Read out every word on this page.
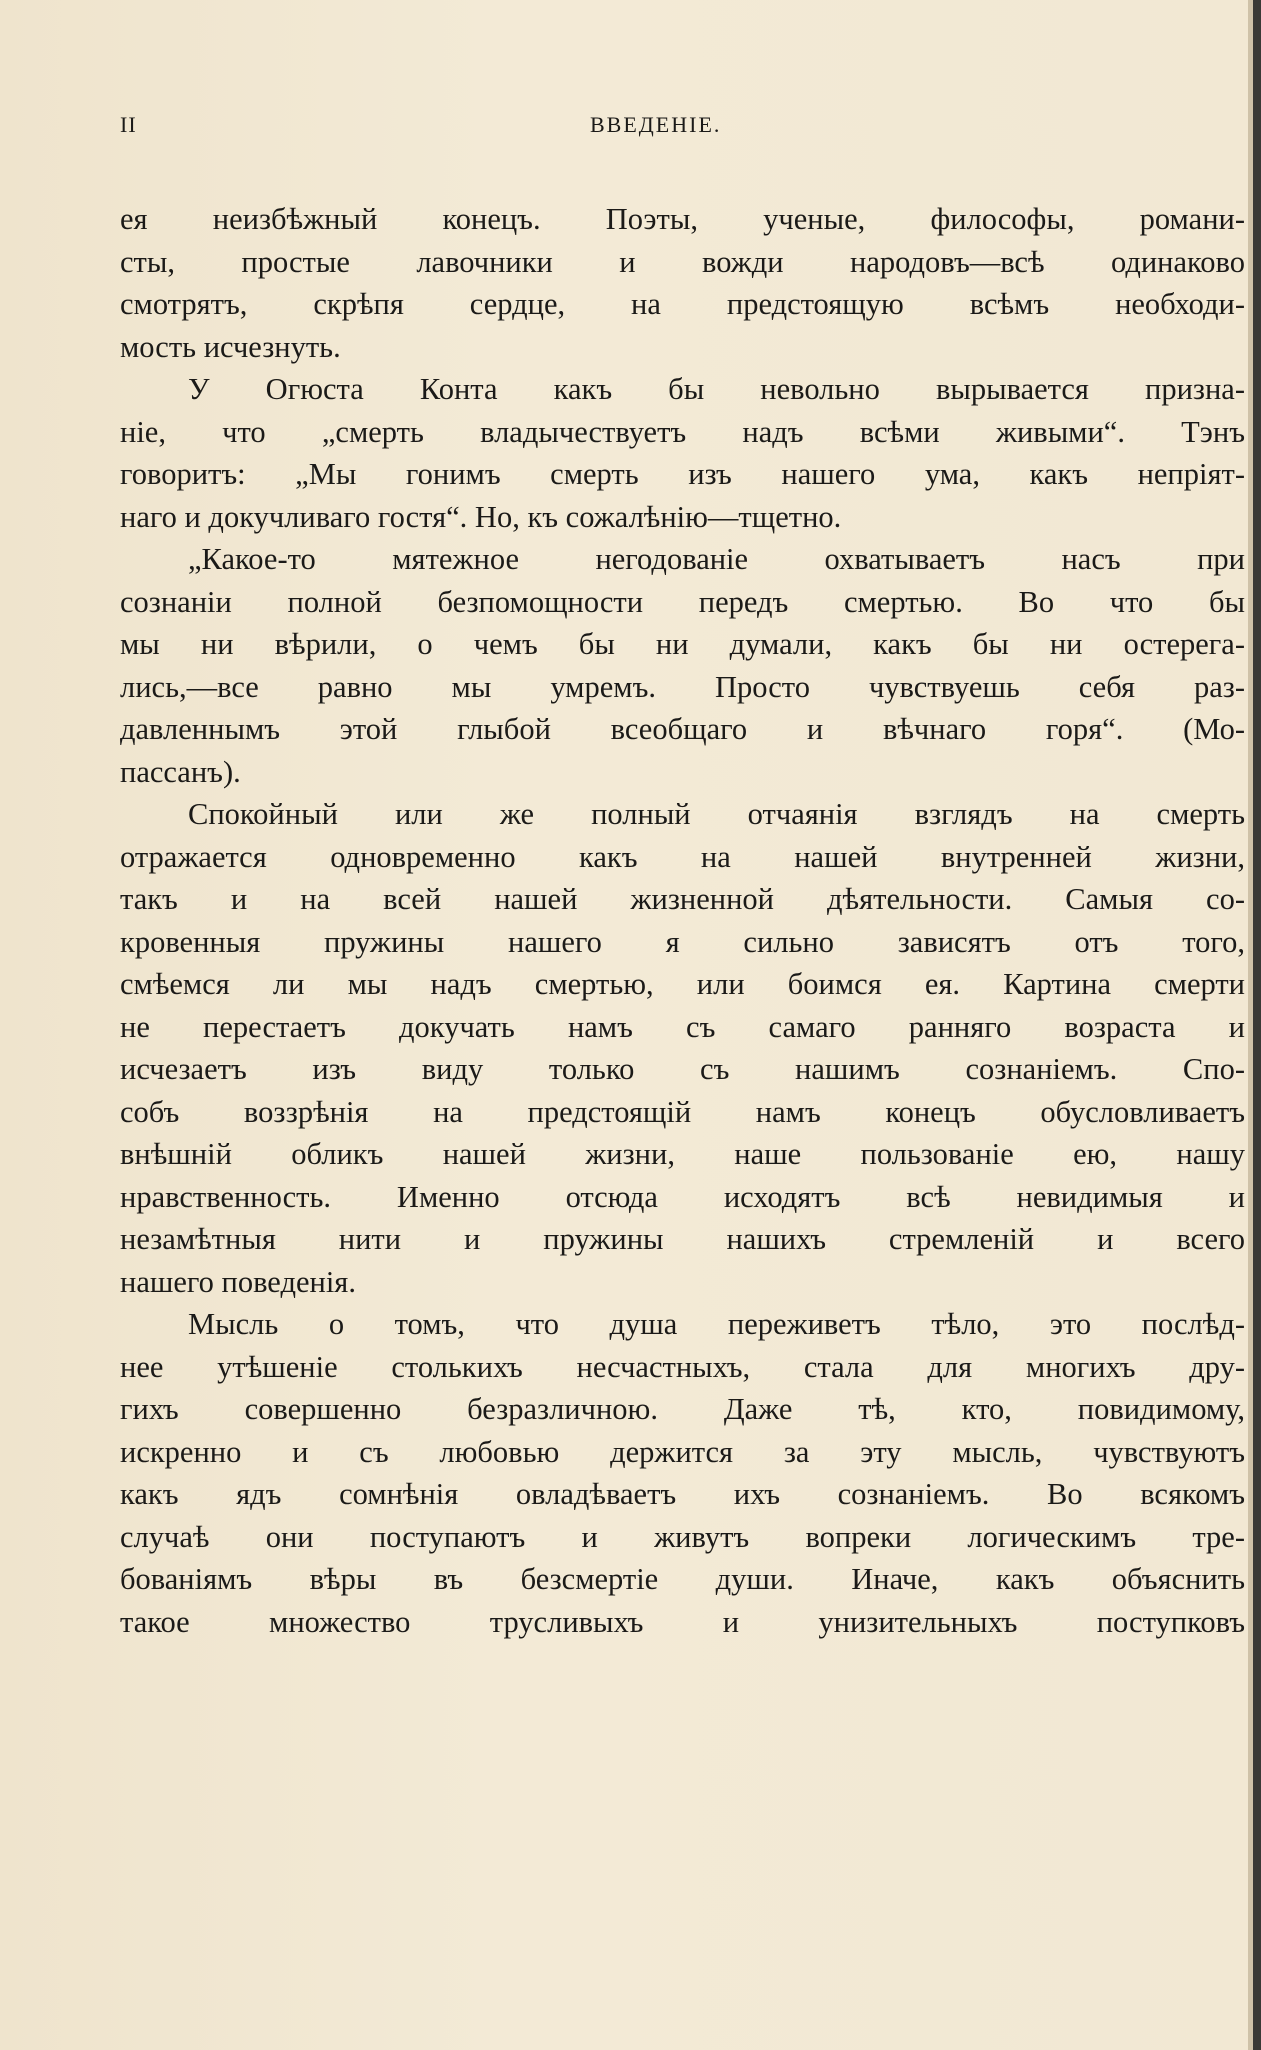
II	ВВЕДЕНІЕ.
ея неизбѣжный конецъ. Поэты, ученые, философы, романи-
сты, простые лавочники и вожди народовъ—всѣ одинаково
смотрятъ, скрѣпя сердце, на предстоящую всѣмъ необходи-
мость исчезнуть.
У Огюста Конта какъ бы невольно вырывается призна-
ніе, что „смерть владычествуетъ надъ всѣми живыми“. Тэнъ
говоритъ: „Мы гонимъ смерть изъ нашего ума, какъ непріят-
наго и докучливаго гостя“. Но, къ сожалѣнію—тщетно.
„Какое-то мятежное негодованіе охватываетъ насъ при
сознаніи полной безпомощности передъ смертью. Во что бы
мы ни вѣрили, о чемъ бы ни думали, какъ бы ни остерега-
лись,—все равно мы умремъ. Просто чувствуешь себя раз-
давленнымъ этой глыбой всеобщаго и вѣчнаго горя“. (Мо-
пассанъ).
Спокойный или же полный отчаянія взглядъ на смерть
отражается одновременно какъ на нашей внутренней жизни,
такъ и на всей нашей жизненной дѣятельности. Самыя со-
кровенныя пружины нашего я сильно зависятъ отъ того,
смѣемся ли мы надъ смертью, или боимся ея. Картина смерти
не перестаетъ докучать намъ съ самаго ранняго возраста и
исчезаетъ изъ виду только съ нашимъ сознаніемъ. Спо-
собъ воззрѣнія на предстоящій намъ конецъ обусловливаетъ
внѣшній обликъ нашей жизни, наше пользованіе ею, нашу
нравственность. Именно отсюда исходятъ всѣ невидимыя и
незамѣтныя нити и пружины нашихъ стремленій и всего
нашего поведенія.
Мысль о томъ, что душа переживетъ тѣло, это послѣд-
нее утѣшеніе столькихъ несчастныхъ, стала для многихъ дру-
гихъ совершенно безразличною. Даже тѣ, кто, повидимому,
искренно и съ любовью держится за эту мысль, чувствуютъ
какъ ядъ сомнѣнія овладѣваетъ ихъ сознаніемъ. Во всякомъ
случаѣ они поступаютъ и живутъ вопреки логическимъ тре-
бованіямъ вѣры въ безсмертіе души. Иначе, какъ объяснить
такое множество трусливыхъ и унизительныхъ поступковъ
